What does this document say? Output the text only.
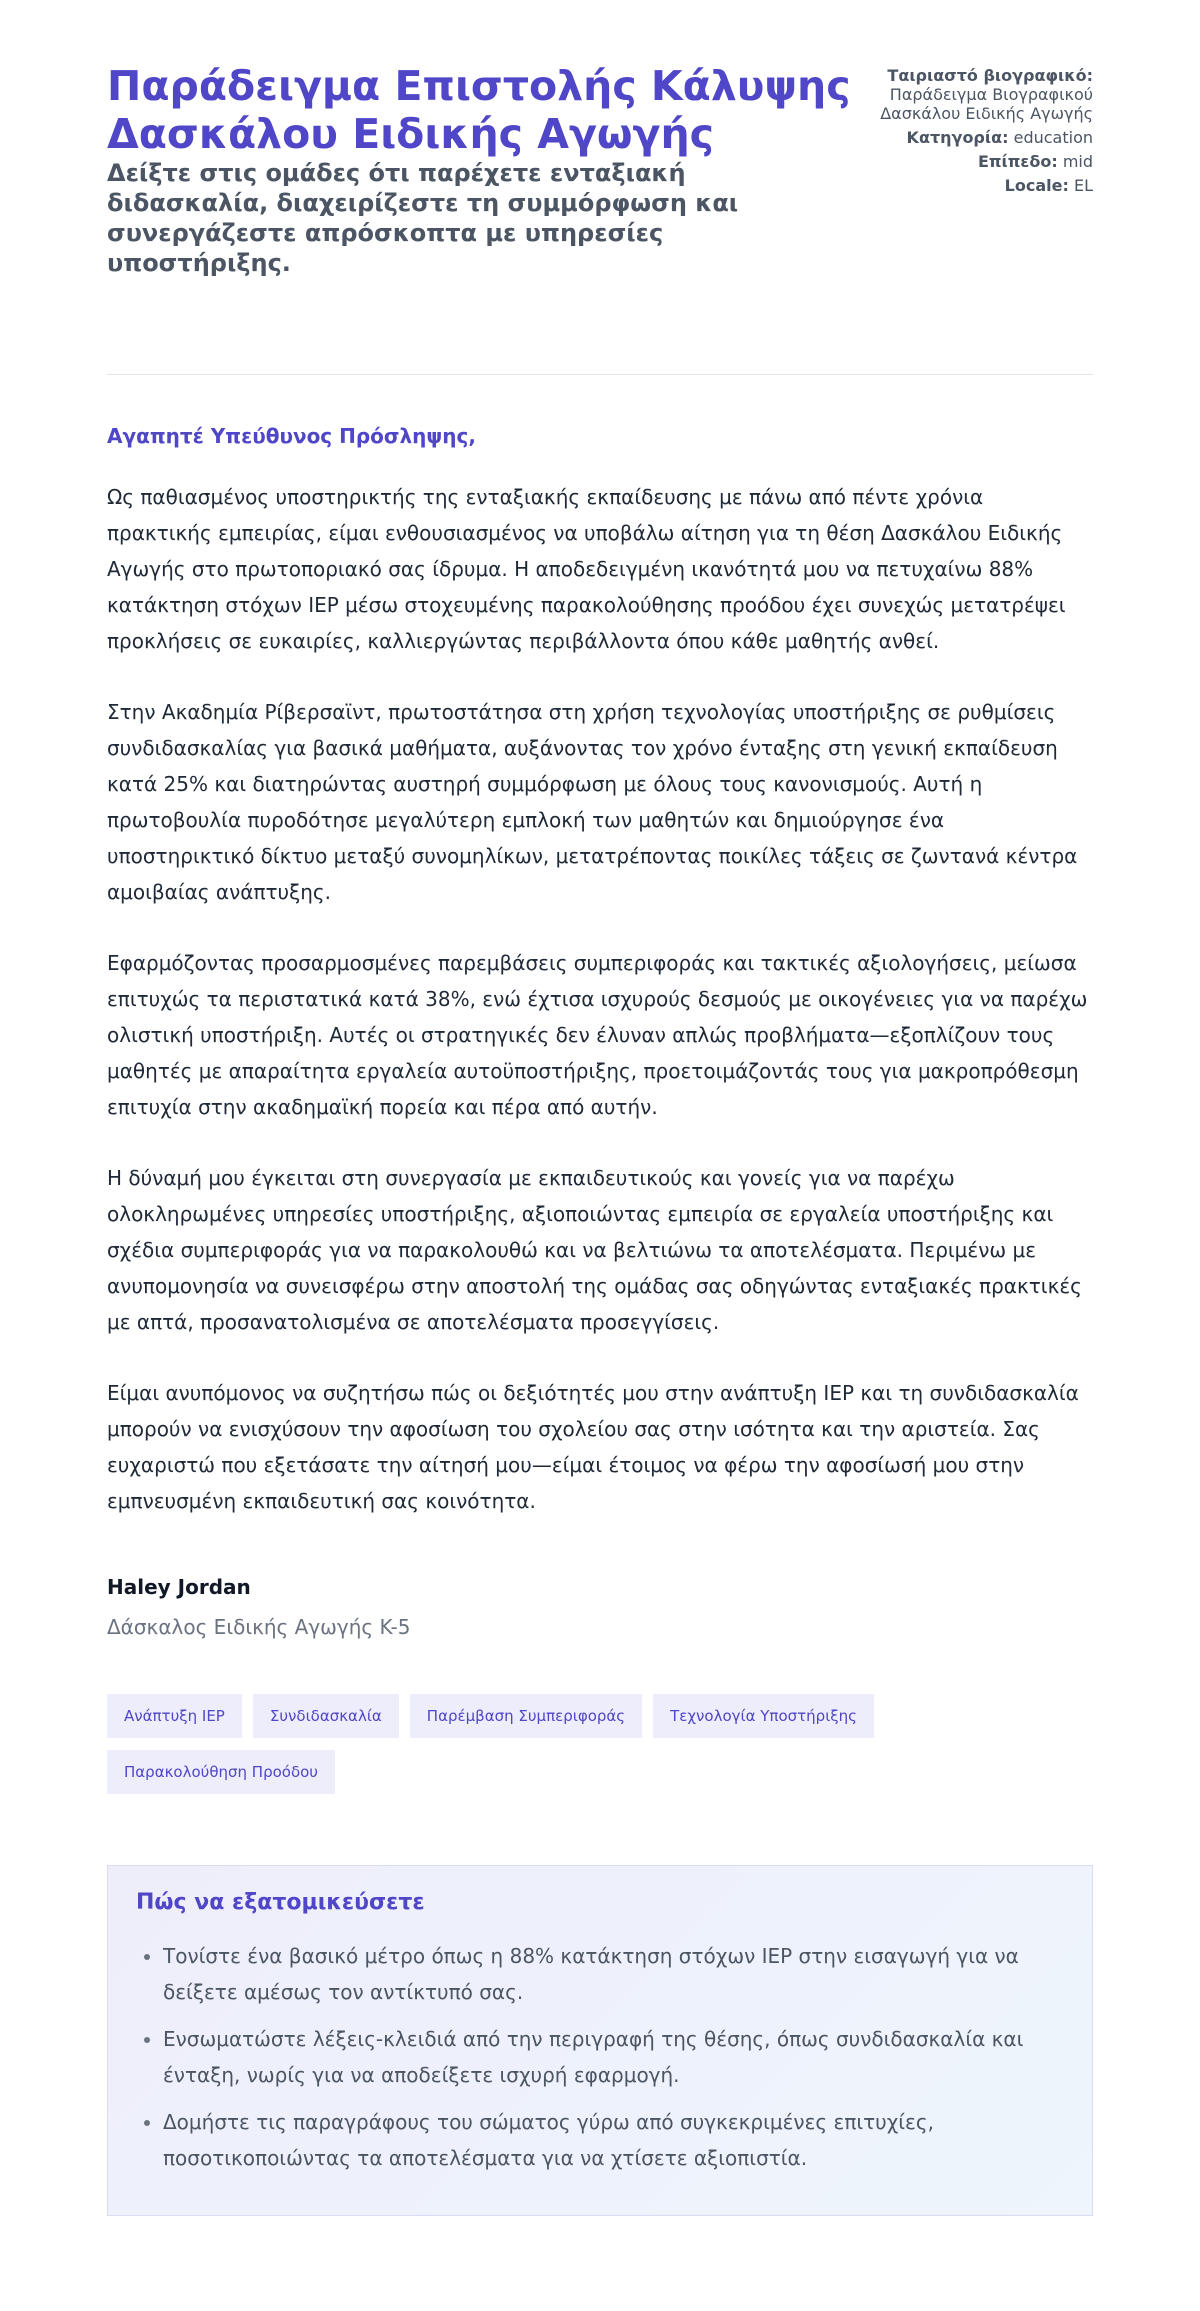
Παράδειγμα Επιστολής Κάλυψης Δασκάλου Ειδικής Αγωγής
Δείξτε στις ομάδες ότι παρέχετε ενταξιακή διδασκαλία, διαχειρίζεστε τη συμμόρφωση και συνεργάζεστε απρόσκοπτα με υπηρεσίες υποστήριξης.
Ταιριαστό βιογραφικό:
Παράδειγμα Βιογραφικού Δασκάλου Ειδικής Αγωγής
Κατηγορία: education
Επίπεδο: mid
Locale: EL
Αγαπητέ Υπεύθυνος Πρόσληψης,

Ως παθιασμένος υποστηρικτής της ενταξιακής εκπαίδευσης με πάνω από πέντε χρόνια πρακτικής εμπειρίας, είμαι ενθουσιασμένος να υποβάλω αίτηση για τη θέση Δασκάλου Ειδικής Αγωγής στο πρωτοποριακό σας ίδρυμα. Η αποδεδειγμένη ικανότητά μου να πετυχαίνω 88% κατάκτηση στόχων IEP μέσω στοχευμένης παρακολούθησης προόδου έχει συνεχώς μετατρέψει προκλήσεις σε ευκαιρίες, καλλιεργώντας περιβάλλοντα όπου κάθε μαθητής ανθεί.

Στην Ακαδημία Ρίβερσαϊντ, πρωτοστάτησα στη χρήση τεχνολογίας υποστήριξης σε ρυθμίσεις συνδιδασκαλίας για βασικά μαθήματα, αυξάνοντας τον χρόνο ένταξης στη γενική εκπαίδευση κατά 25% και διατηρώντας αυστηρή συμμόρφωση με όλους τους κανονισμούς. Αυτή η πρωτοβουλία πυροδότησε μεγαλύτερη εμπλοκή των μαθητών και δημιούργησε ένα υποστηρικτικό δίκτυο μεταξύ συνομηλίκων, μετατρέποντας ποικίλες τάξεις σε ζωντανά κέντρα αμοιβαίας ανάπτυξης.

Εφαρμόζοντας προσαρμοσμένες παρεμβάσεις συμπεριφοράς και τακτικές αξιολογήσεις, μείωσα επιτυχώς τα περιστατικά κατά 38%, ενώ έχτισα ισχυρούς δεσμούς με οικογένειες για να παρέχω ολιστική υποστήριξη. Αυτές οι στρατηγικές δεν έλυναν απλώς προβλήματα—εξοπλίζουν τους μαθητές με απαραίτητα εργαλεία αυτοϋποστήριξης, προετοιμάζοντάς τους για μακροπρόθεσμη επιτυχία στην ακαδημαϊκή πορεία και πέρα από αυτήν.

Η δύναμή μου έγκειται στη συνεργασία με εκπαιδευτικούς και γονείς για να παρέχω ολοκληρωμένες υπηρεσίες υποστήριξης, αξιοποιώντας εμπειρία σε εργαλεία υποστήριξης και σχέδια συμπεριφοράς για να παρακολουθώ και να βελτιώνω τα αποτελέσματα. Περιμένω με ανυπομονησία να συνεισφέρω στην αποστολή της ομάδας σας οδηγώντας ενταξιακές πρακτικές με απτά, προσανατολισμένα σε αποτελέσματα προσεγγίσεις.

Είμαι ανυπόμονος να συζητήσω πώς οι δεξιότητές μου στην ανάπτυξη IEP και τη συνδιδασκαλία μπορούν να ενισχύσουν την αφοσίωση του σχολείου σας στην ισότητα και την αριστεία. Σας ευχαριστώ που εξετάσατε την αίτησή μου—είμαι έτοιμος να φέρω την αφοσίωσή μου στην εμπνευσμένη εκπαιδευτική σας κοινότητα.

Haley Jordan
Δάσκαλος Ειδικής Αγωγής K-5
Ανάπτυξη IEP	Συνδιδασκαλία	Παρέμβαση Συμπεριφοράς	Τεχνολογία Υποστήριξης
Παρακολούθηση Προόδου
Πώς να εξατομικεύσετε
• Τονίστε ένα βασικό μέτρο όπως η 88% κατάκτηση στόχων IEP στην εισαγωγή για να δείξετε αμέσως τον αντίκτυπό σας.
• Ενσωματώστε λέξεις-κλειδιά από την περιγραφή της θέσης, όπως συνδιδασκαλία και ένταξη, νωρίς για να αποδείξετε ισχυρή εφαρμογή.
• Δομήστε τις παραγράφους του σώματος γύρω από συγκεκριμένες επιτυχίες, ποσοτικοποιώντας τα αποτελέσματα για να χτίσετε αξιοπιστία.
